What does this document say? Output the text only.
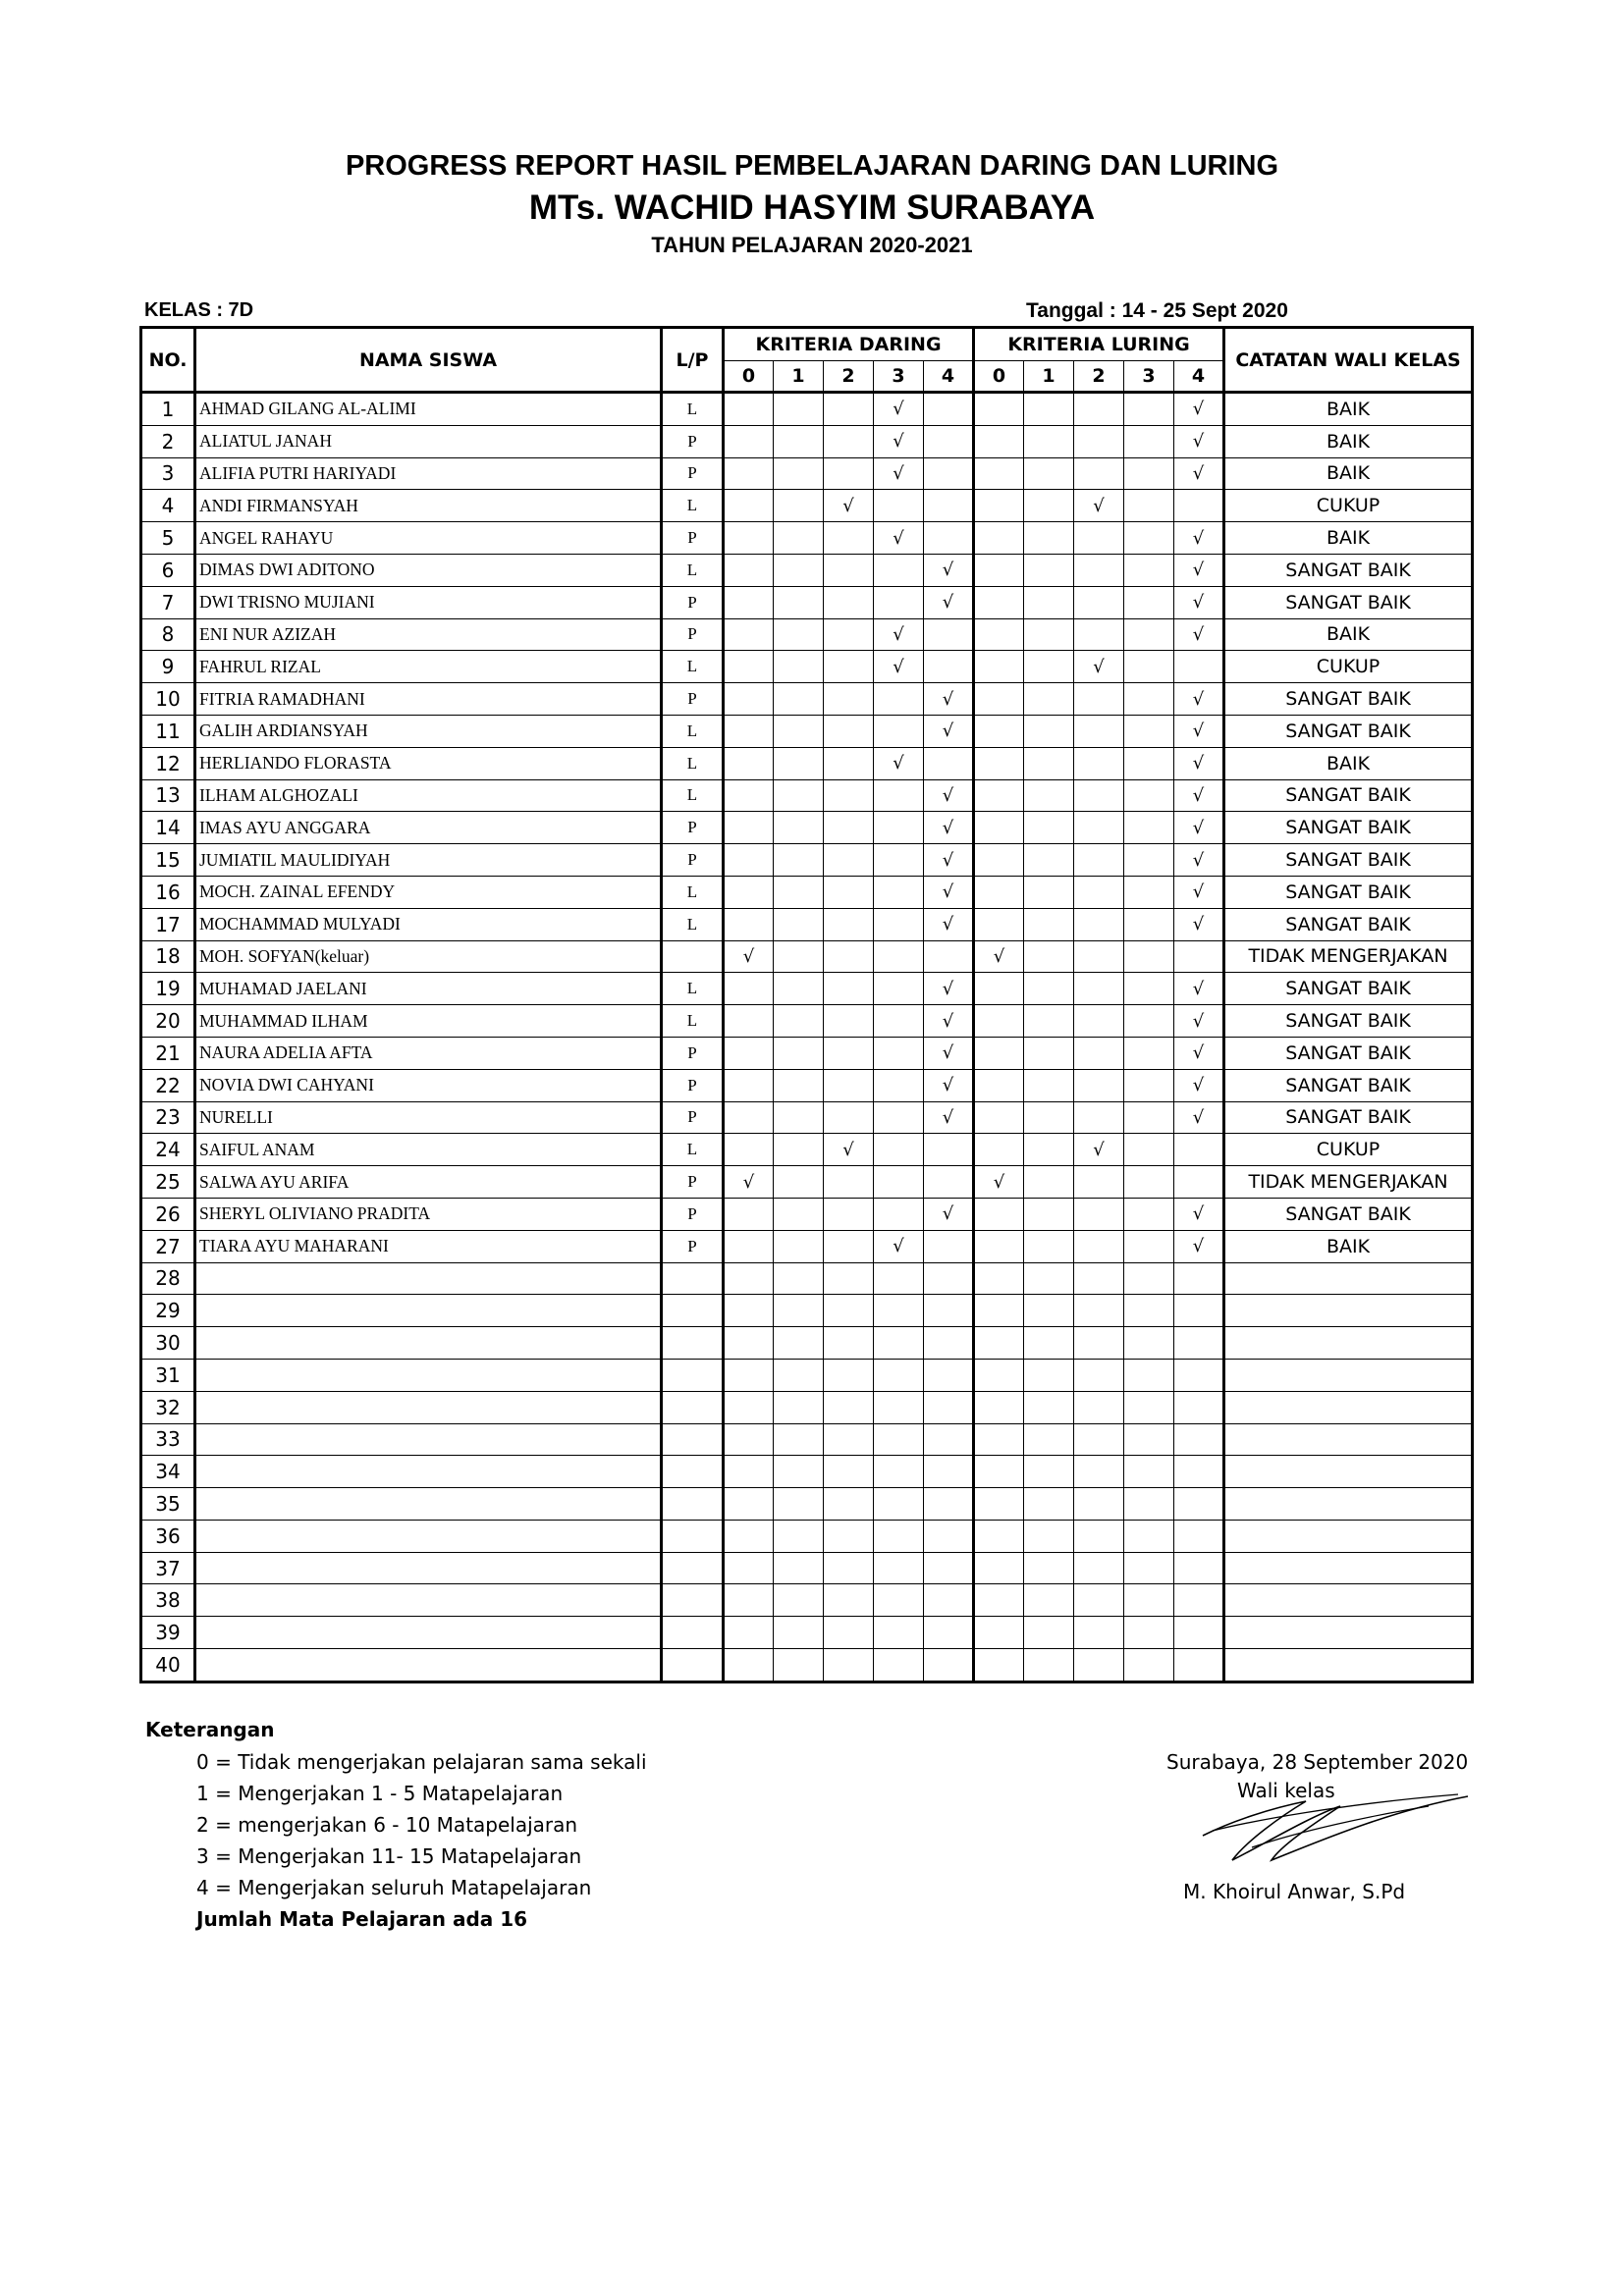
PROGRESS REPORT HASIL PEMBELAJARAN DARING DAN LURING
MTs. WACHID HASYIM SURABAYA
TAHUN PELAJARAN 2020-2021
KELAS : 7D	Tanggal : 14 - 25 Sept 2020
NO.	NAMA SISWA	L/P	KRITERIA DARING					KRITERIA LURING					CATATAN WALI KELAS
			0	1	2	3	4	0	1	2	3	4	
1	AHMAD GILANG AL-ALIMI	L				√						√	BAIK
2	ALIATUL JANAH	P				√						√	BAIK
3	ALIFIA PUTRI HARIYADI	P				√						√	BAIK
4	ANDI FIRMANSYAH	L			√					√			CUKUP
5	ANGEL RAHAYU	P				√						√	BAIK
6	DIMAS DWI ADITONO	L					√					√	SANGAT BAIK
7	DWI TRISNO MUJIANI	P					√					√	SANGAT BAIK
8	ENI NUR AZIZAH	P				√						√	BAIK
9	FAHRUL RIZAL	L				√				√			CUKUP
10	FITRIA RAMADHANI	P					√					√	SANGAT BAIK
11	GALIH ARDIANSYAH	L					√					√	SANGAT BAIK
12	HERLIANDO FLORASTA	L				√						√	BAIK
13	ILHAM ALGHOZALI	L					√					√	SANGAT BAIK
14	IMAS AYU ANGGARA	P					√					√	SANGAT BAIK
15	JUMIATIL MAULIDIYAH	P					√					√	SANGAT BAIK
16	MOCH. ZAINAL EFENDY	L					√					√	SANGAT BAIK
17	MOCHAMMAD MULYADI	L					√					√	SANGAT BAIK
18	MOH. SOFYAN(keluar)		√					√					TIDAK MENGERJAKAN
19	MUHAMAD JAELANI	L					√					√	SANGAT BAIK
20	MUHAMMAD ILHAM	L					√					√	SANGAT BAIK
21	NAURA ADELIA AFTA	P					√					√	SANGAT BAIK
22	NOVIA DWI CAHYANI	P					√					√	SANGAT BAIK
23	NURELLI	P					√					√	SANGAT BAIK
24	SAIFUL ANAM	L			√					√			CUKUP
25	SALWA AYU ARIFA	P	√					√					TIDAK MENGERJAKAN
26	SHERYL OLIVIANO PRADITA	P					√					√	SANGAT BAIK
27	TIARA AYU MAHARANI	P				√						√	BAIK
28													
29													
30													
31													
32													
33													
34													
35													
36													
37													
38													
39													
40													
Keterangan
0 = Tidak mengerjakan pelajaran sama sekali
1 = Mengerjakan 1 - 5 Matapelajaran
2 = mengerjakan 6 - 10 Matapelajaran
3 = Mengerjakan 11- 15 Matapelajaran
4 = Mengerjakan seluruh Matapelajaran
Jumlah Mata Pelajaran ada 16
Surabaya, 28 September 2020
Wali kelas
M. Khoirul Anwar, S.Pd
